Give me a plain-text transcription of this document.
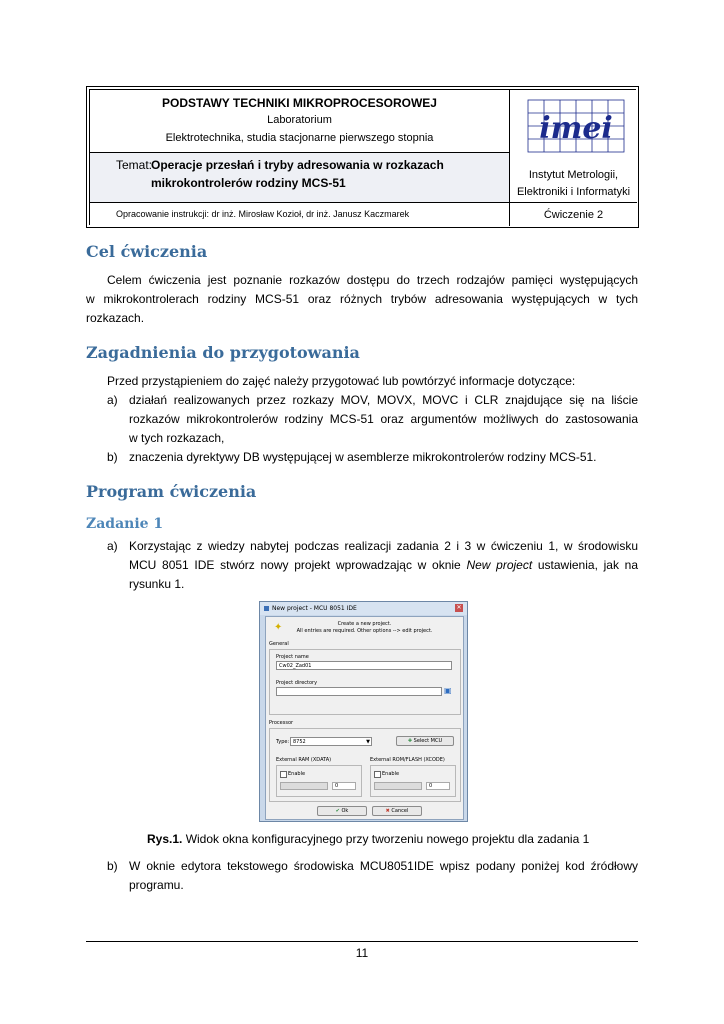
PODSTAWY TECHNIKI MIKROPROCESOROWEJ
Laboratorium
Elektrotechnika, studia stacjonarne pierwszego stopnia	imei
Instytut Metrologii,
Elektroniki i Informatyki
Temat:
Operacje przesłań i tryby adresowania w rozkazach
mikrokontrolerów rodziny MCS-51
Opracowanie instrukcji: dr inż. Mirosław Kozioł, dr inż. Janusz Kaczmarek	Ćwiczenie 2
Cel ćwiczenia

Celem ćwiczenia jest poznanie rozkazów dostępu do trzech rodzajów pamięci występujących

w mikrokontrolerach rodziny MCS-51 oraz różnych trybów adresowania występujących w tych

rozkazach.

Zagadnienia do przygotowania

Przed przystąpieniem do zajęć należy przygotować lub powtórzyć informacje dotyczące:

a) działań realizowanych przez rozkazy MOV, MOVX, MOVC i CLR znajdujące się na liście

rozkazów mikrokontrolerów rodziny MCS-51 oraz argumentów możliwych do zastosowania

w tych rozkazach,

b) znaczenia dyrektywy DB występującej w asemblerze mikrokontrolerów rodziny MCS-51.

Program ćwiczenia
Zadanie 1

a) Korzystając z wiedzy nabytej podczas realizacji zadania 2 i 3 w ćwiczeniu 1, w środowisku

MCU 8051 IDE stwórz nowy projekt wprowadzając w oknie New project ustawienia, jak na

rysunku 1.

New project - MCU 8051 IDE	✕
✦	Create a new project.
All entries are required. Other options --> edit project.
General
Project name
Cw02_Zad01
Project directory
▣
Processor
Type: 8752	▼	✚ Select MCU
External RAM (XDATA)	External ROM/FLASH (XCODE)
Enable	Enable
0	0
✔ Ok	✖ Cancel

Rys.1. Widok okna konfiguracyjnego przy tworzeniu nowego projektu dla zadania 1

b) W oknie edytora tekstowego środowiska MCU8051IDE wpisz podany poniżej kod źródłowy

programu.

11
